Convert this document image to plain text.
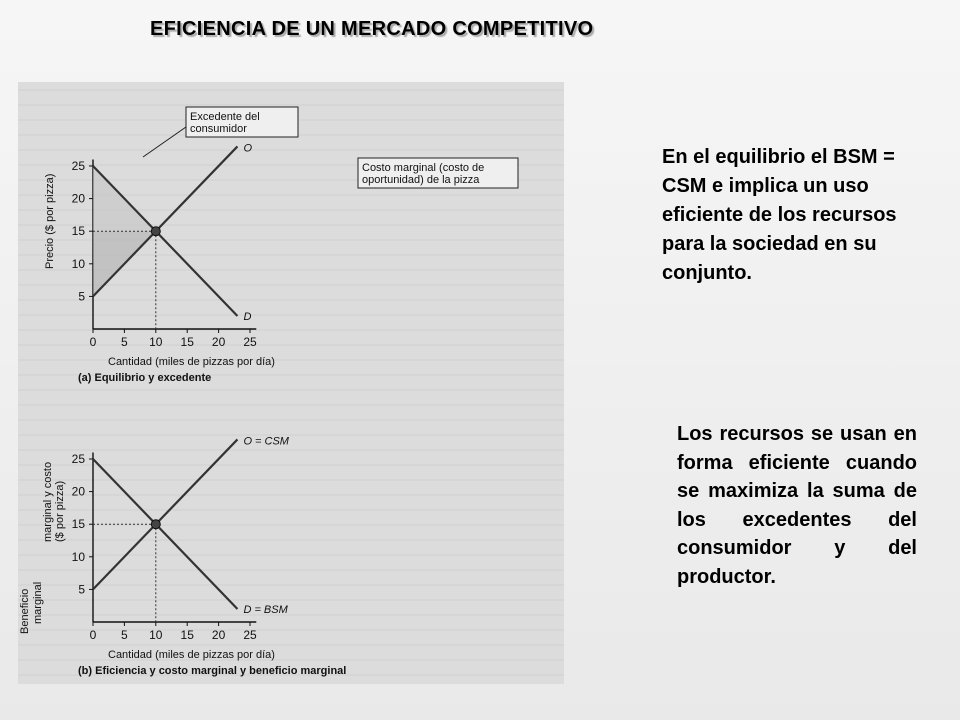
EFICIENCIA DE UN MERCADO COMPETITIVO
0 5 10 15 20 25
5
10
15
20
25
O
D
Cantidad (miles de pizzas por día)
(a) Equilibrio y excedente
0 5 10 15 20 25
5
10
15
20
25
O = CSM
D = BSM
Cantidad (miles de pizzas por día)
(b) Eficiencia y costo marginal y beneficio marginal
Precio ($ por pizza)
marginal y costo ($ por pizza)
Beneficio marginal
Excedente del
consumidor
Costo marginal (costo de
oportunidad) de la pizza

En el equilibrio el BSM = CSM e implica un uso eficiente de los recursos para la sociedad en su conjunto.

Los recursos se usan en forma eficiente cuando se maximiza la suma de los excedentes del consumidor y del productor.
